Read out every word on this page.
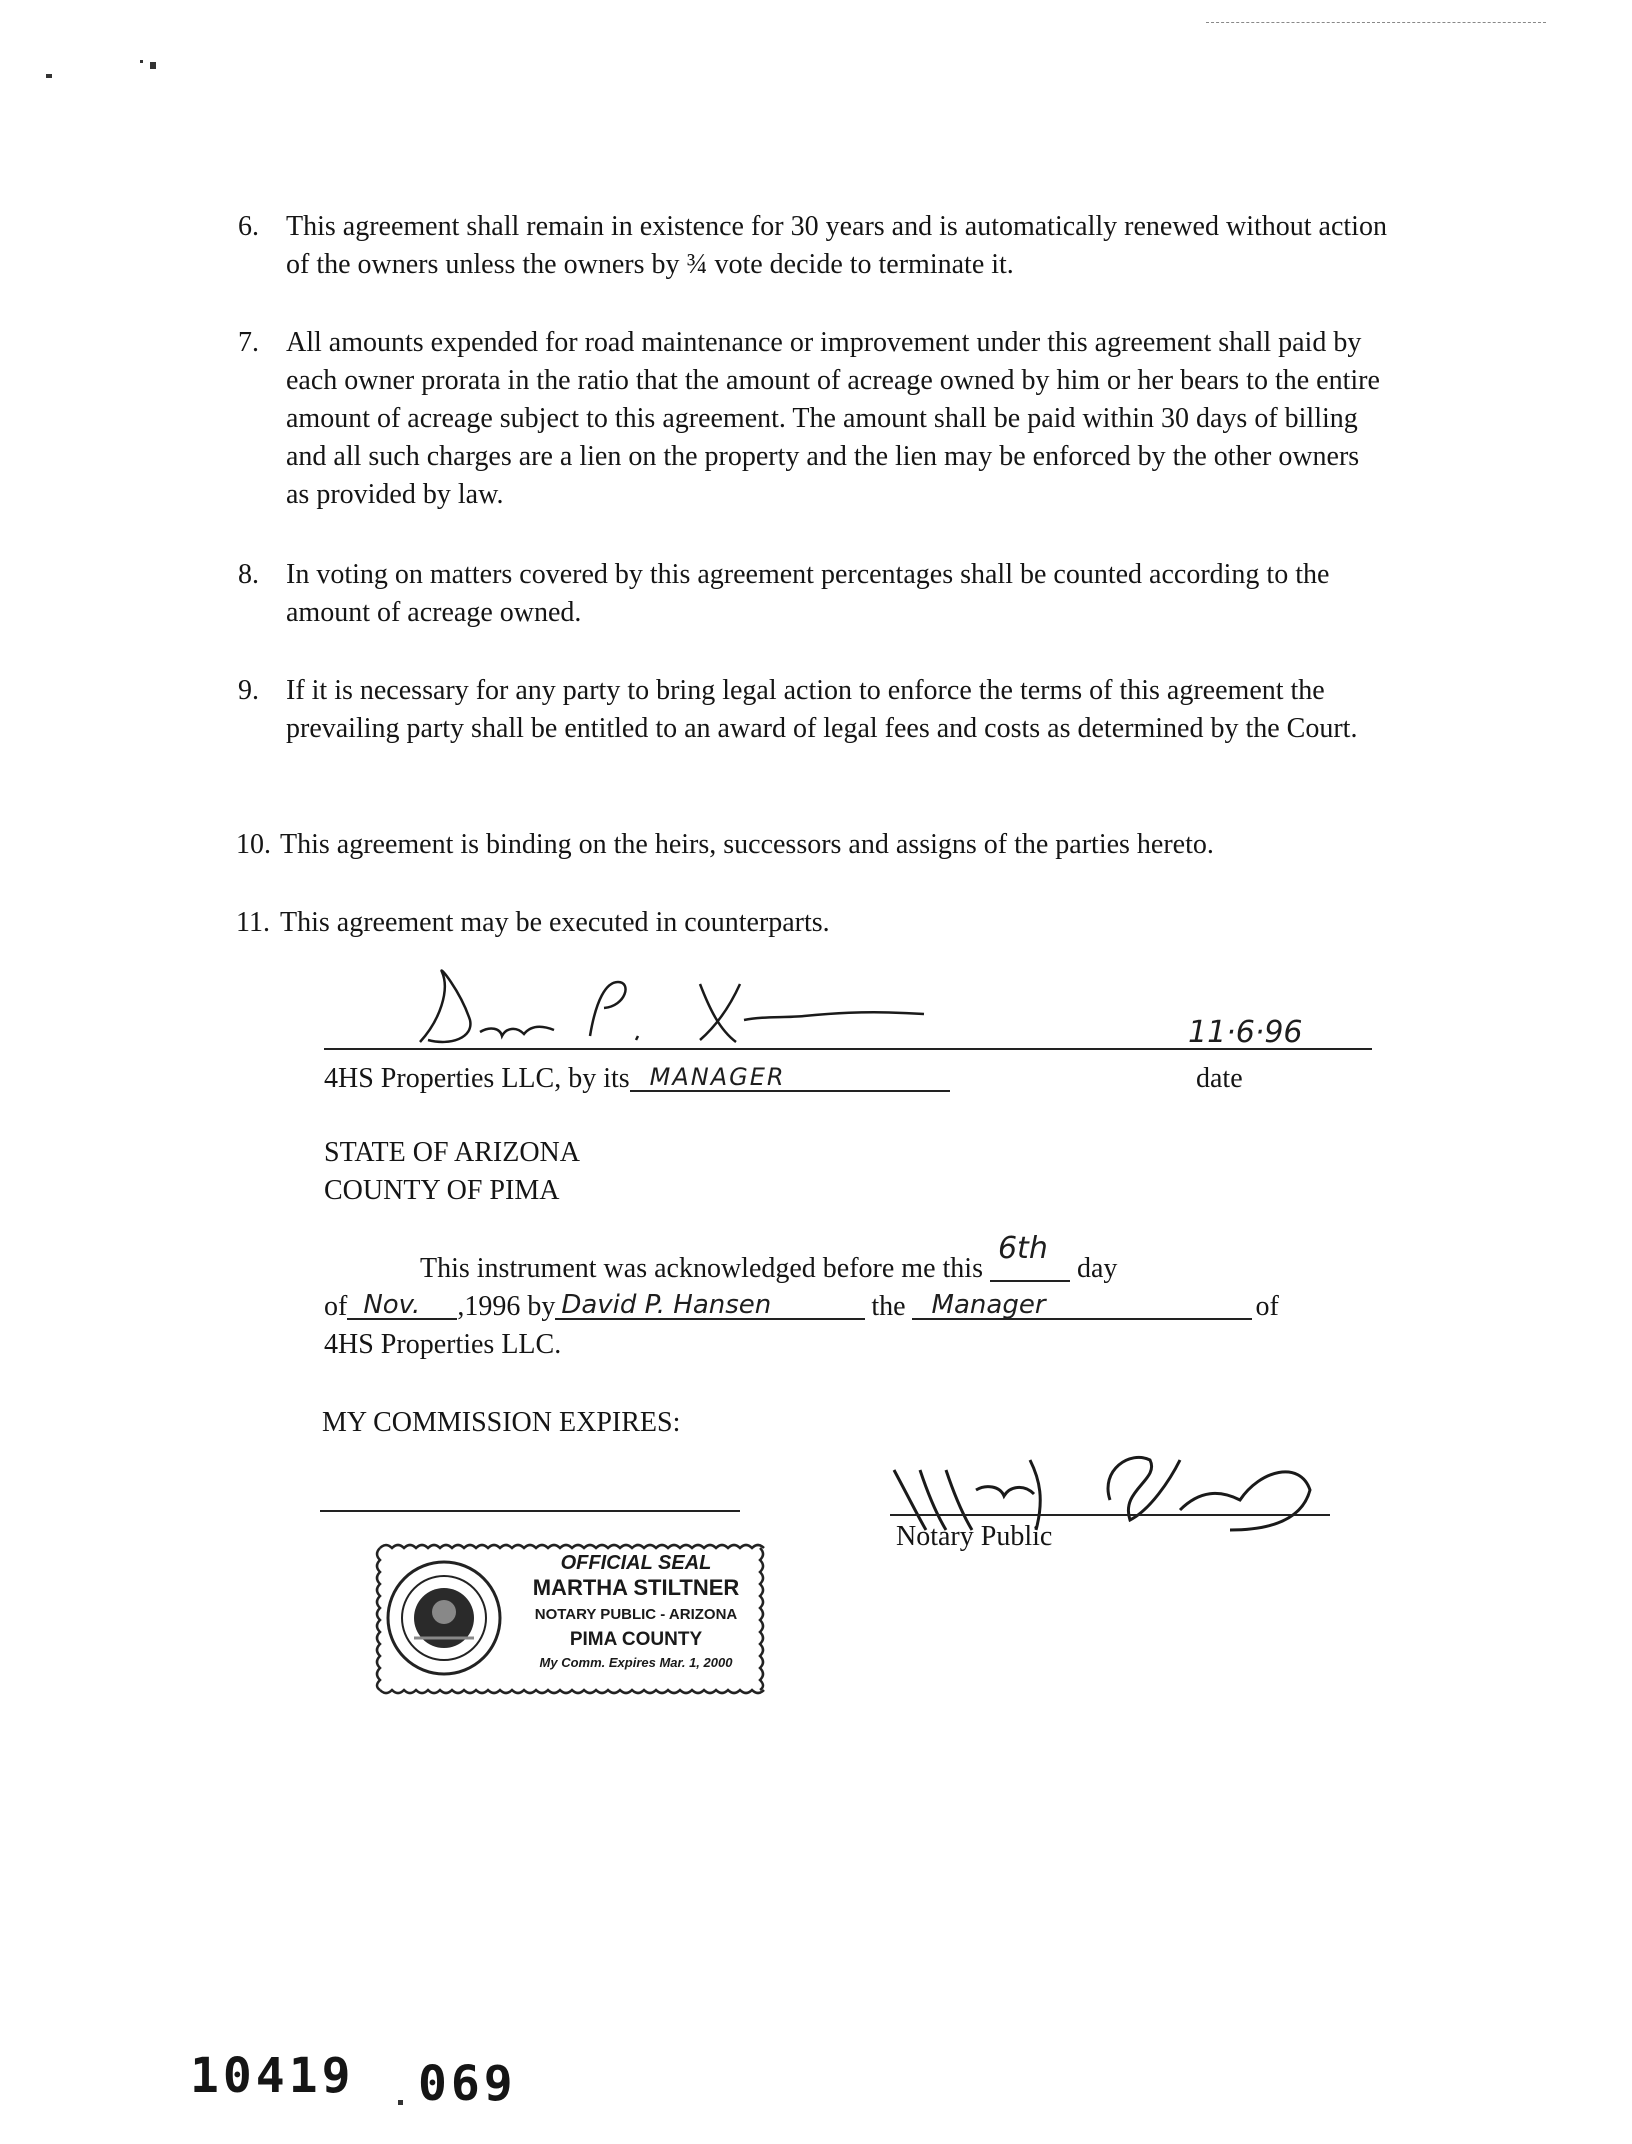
6. This agreement shall remain in existence for 30 years and is automatically renewed without action of the owners unless the owners by ¾ vote decide to terminate it.
7. All amounts expended for road maintenance or improvement under this agreement shall paid by each owner prorata in the ratio that the amount of acreage owned by him or her bears to the entire amount of acreage subject to this agreement. The amount shall be paid within 30 days of billing and all such charges are a lien on the property and the lien may be enforced by the other owners as provided by law.
8. In voting on matters covered by this agreement percentages shall be counted according to the amount of acreage owned.
9. If it is necessary for any party to bring legal action to enforce the terms of this agreement the prevailing party shall be entitled to an award of legal fees and costs as determined by the Court.
10. This agreement is binding on the heirs, successors and assigns of the parties hereto.
11. This agreement may be executed in counterparts.
11·6·96
4HS Properties LLC, by its MANAGER	date
STATE OF ARIZONA
COUNTY OF PIMA
This instrument was acknowledged before me this
6th
day
of Nov. ,1996 by David P. Hansen	the Manager	of
4HS Properties LLC.
MY COMMISSION EXPIRES:
Notary Public
OFFICIAL SEAL
MARTHA STILTNER
NOTARY PUBLIC - ARIZONA
PIMA COUNTY
My Comm. Expires Mar. 1, 2000
10419 069
